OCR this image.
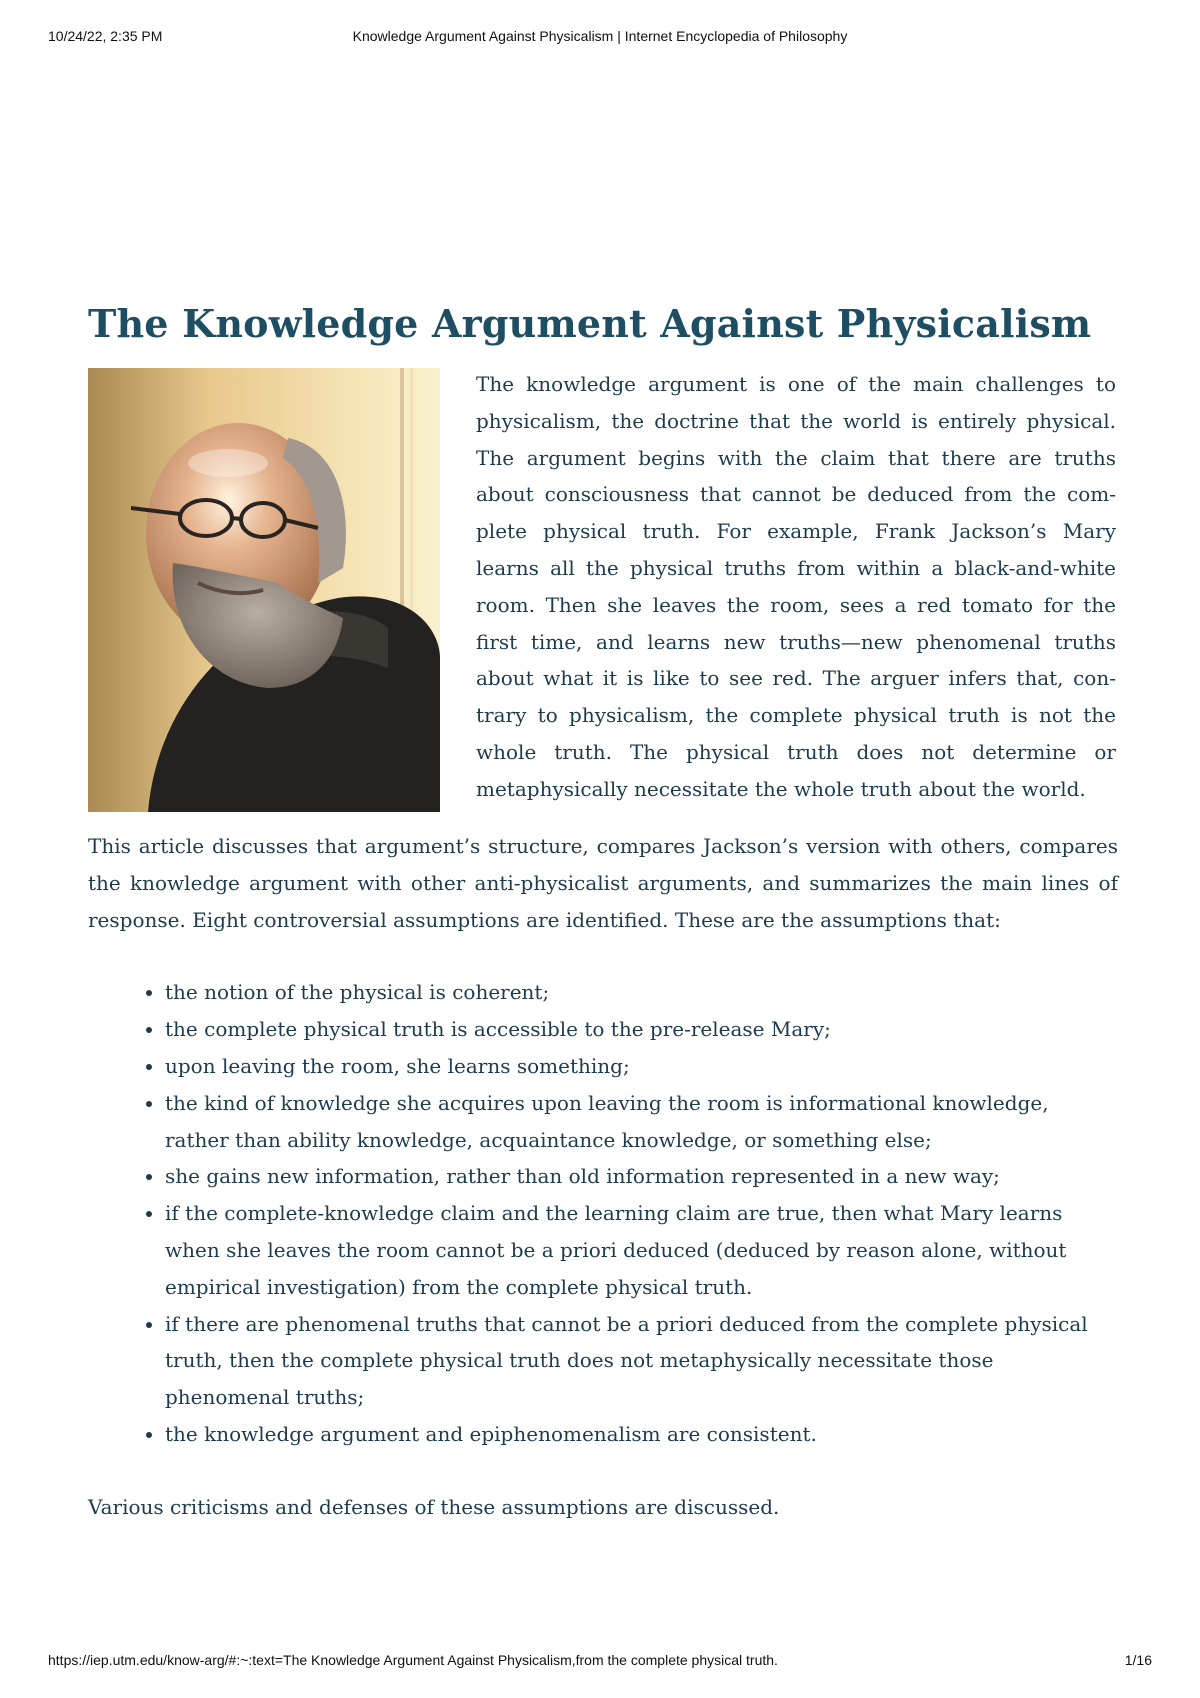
10/24/22, 2:35 PM	Knowledge Argument Against Physicalism | Internet Encyclopedia of Philosophy
The Knowledge Argument Against Physicalism

The knowledge argument is one of the main challenges to physicalism, the doctrine that the world is entirely physical. The argument begins with the claim that there are truths about consciousness that cannot be deduced from the complete physical truth. For example, Frank Jackson’s Mary learns all the physical truths from within a black-and-white room. Then she leaves the room, sees a red tomato for the first time, and learns new truths—new phenomenal truths about what it is like to see red. The arguer infers that, contrary to physicalism, the complete physical truth is not the whole truth. The physical truth does not determine or metaphysically necessitate the whole truth about the world.

This article discusses that argument’s structure, compares Jackson’s version with others, compares the knowledge argument with other anti-physicalist arguments, and summarizes the main lines of response. Eight controversial assumptions are identified. These are the assumptions that:

• the notion of the physical is coherent;
• the complete physical truth is accessible to the pre-release Mary;
• upon leaving the room, she learns something;
• the kind of knowledge she acquires upon leaving the room is informational knowledge, rather than ability knowledge, acquaintance knowledge, or something else;
• she gains new information, rather than old information represented in a new way;
• if the complete-knowledge claim and the learning claim are true, then what Mary learns when she leaves the room cannot be a priori deduced (deduced by reason alone, without empirical investigation) from the complete physical truth.
• if there are phenomenal truths that cannot be a priori deduced from the complete physical truth, then the complete physical truth does not metaphysically necessitate those phenomenal truths;
• the knowledge argument and epiphenomenalism are consistent.

Various criticisms and defenses of these assumptions are discussed.

https://iep.utm.edu/know-arg/#:~:text=The Knowledge Argument Against Physicalism,from the complete physical truth.	1/16
